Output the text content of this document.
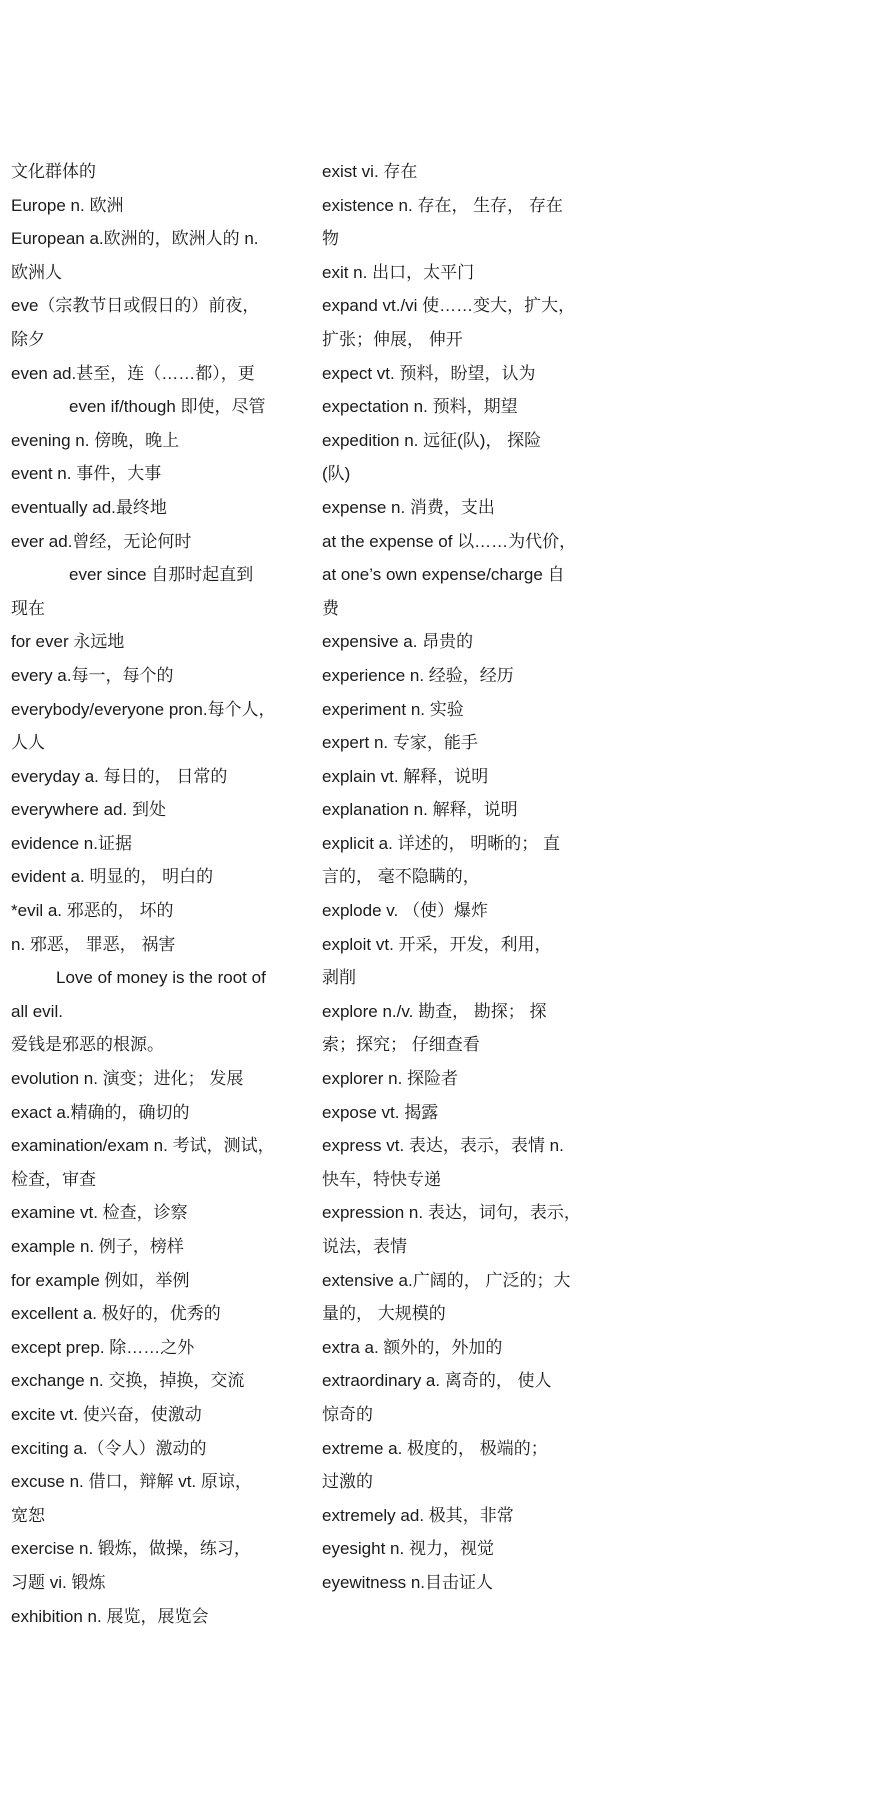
文化群体的
Europe n. 欧洲
European a.欧洲的，欧洲人的 n.
欧洲人
eve（宗教节日或假日的）前夜，
除夕
even ad.甚至，连（……都），更
even if/though 即使，尽管
evening n. 傍晚，晚上
event n. 事件，大事
eventually ad.最终地
ever ad.曾经，无论何时
ever since 自那时起直到
现在
for ever 永远地
every a.每一，每个的
everybody/everyone pron.每个人，
人人
everyday a. 每日的， 日常的
everywhere ad. 到处
evidence n.证据
evident a. 明显的， 明白的
*evil a. 邪恶的， 坏的
n. 邪恶， 罪恶， 祸害
Love of money is the root of
all evil.
爱钱是邪恶的根源。
evolution n. 演变；进化； 发展
exact a.精确的，确切的
examination/exam n. 考试，测试，
检查，审查
examine vt. 检查，诊察
example n. 例子，榜样
for example 例如，举例
excellent a. 极好的，优秀的
except prep. 除……之外
exchange n. 交换，掉换，交流
excite vt. 使兴奋，使激动
exciting a.（令人）激动的
excuse n. 借口，辩解 vt. 原谅，
宽恕
exercise n. 锻炼，做操，练习，
习题 vi. 锻炼
exhibition n. 展览，展览会
exist vi. 存在
existence n. 存在， 生存， 存在
物
exit n. 出口，太平门
expand vt./vi 使……变大，扩大，
扩张；伸展， 伸开
expect vt. 预料，盼望，认为
expectation n. 预料，期望
expedition n. 远征(队)， 探险
(队)
expense n. 消费，支出
at the expense of 以……为代价，
at one’s own expense/charge 自
费
expensive a. 昂贵的
experience n. 经验，经历
experiment n. 实验
expert n. 专家，能手
explain vt. 解释，说明
explanation n. 解释，说明
explicit a. 详述的， 明晰的； 直
言的， 毫不隐瞒的，
explode v. （使）爆炸
exploit vt. 开采，开发，利用，
剥削
explore n./v. 勘查， 勘探； 探
索；探究； 仔细查看
explorer n. 探险者
expose vt. 揭露
express vt. 表达，表示，表情 n.
快车，特快专递
expression n. 表达，词句，表示，
说法，表情
extensive a.广阔的， 广泛的；大
量的， 大规模的
extra a. 额外的，外加的
extraordinary a. 离奇的， 使人
惊奇的
extreme a. 极度的， 极端的；
过激的
extremely ad. 极其，非常
eyesight n. 视力，视觉
eyewitness n.目击证人
